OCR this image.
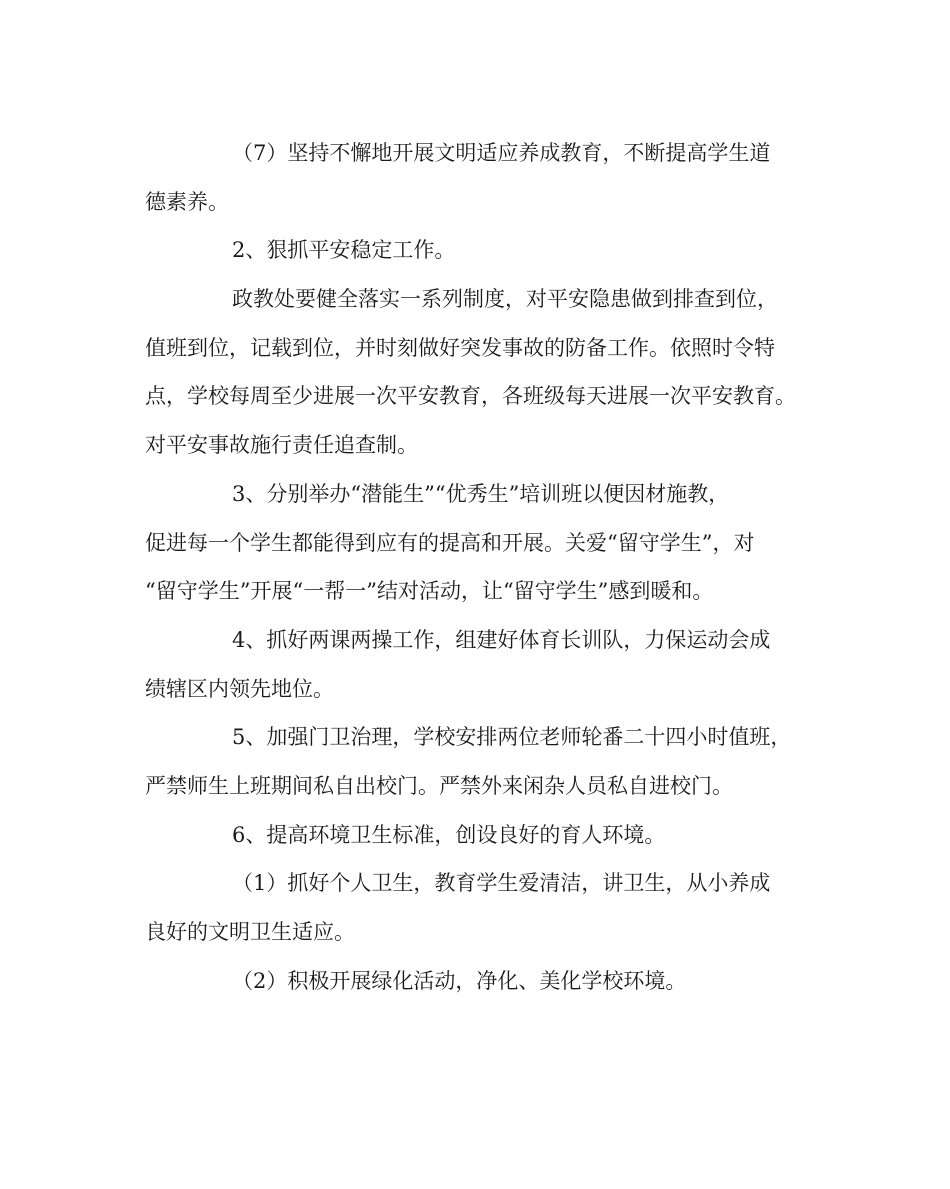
（7）坚持不懈地开展文明适应养成教育，不断提高学生道
德素养。
2、狠抓平安稳定工作。
政教处要健全落实一系列制度，对平安隐患做到排查到位，
值班到位，记载到位，并时刻做好突发事故的防备工作。依照时令特
点，学校每周至少进展一次平安教育，各班级每天进展一次平安教育。
对平安事故施行责任追查制。
3、分别举办“潜能生”“优秀生”培训班以便因材施教，
促进每一个学生都能得到应有的提高和开展。关爱“留守学生”，对
“留守学生”开展“一帮一”结对活动，让“留守学生”感到暖和。
4、抓好两课两操工作，组建好体育长训队，力保运动会成
绩辖区内领先地位。
5、加强门卫治理，学校安排两位老师轮番二十四小时值班，
严禁师生上班期间私自出校门。严禁外来闲杂人员私自进校门。
6、提高环境卫生标准，创设良好的育人环境。
（1）抓好个人卫生，教育学生爱清洁，讲卫生，从小养成
良好的文明卫生适应。
（2）积极开展绿化活动，净化、美化学校环境。
